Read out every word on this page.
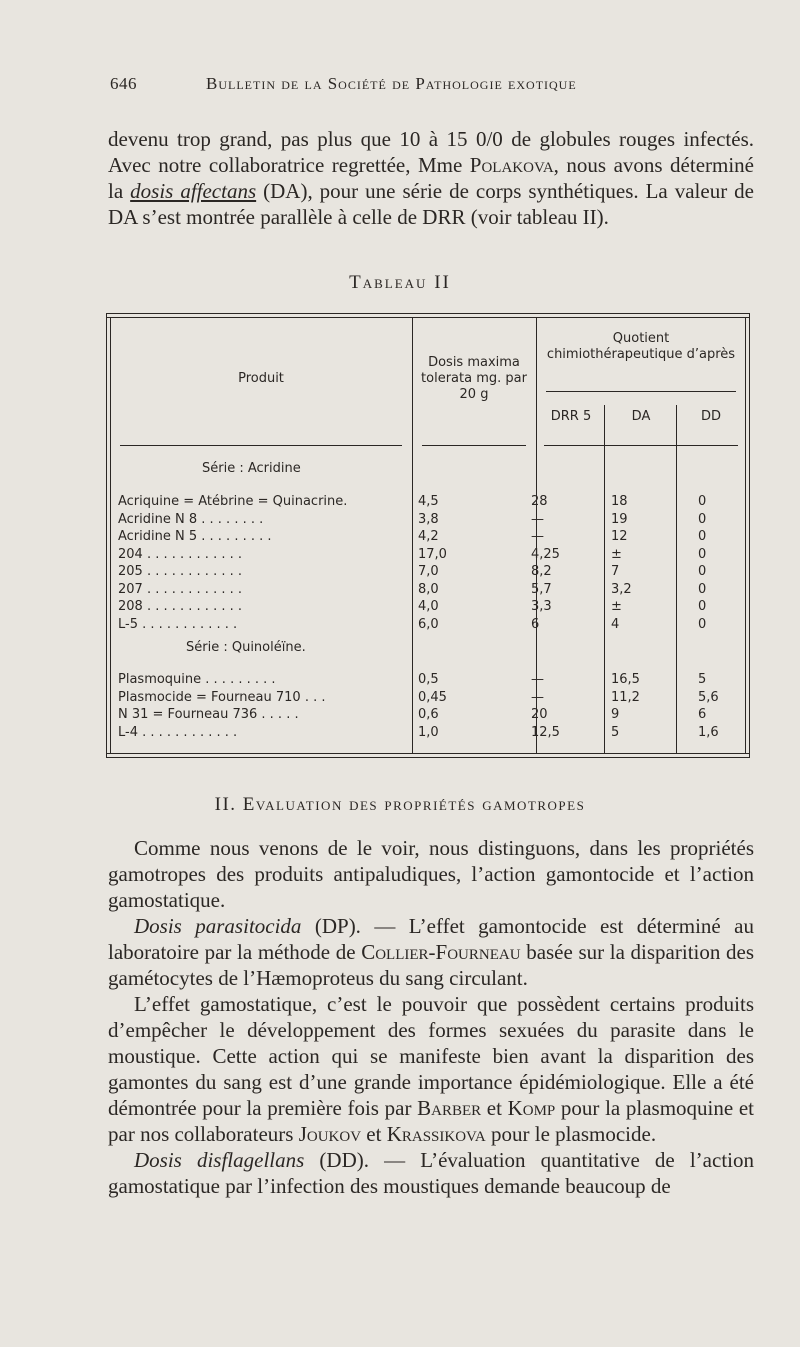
646	Bulletin de la Société de Pathologie exotique

devenu trop grand, pas plus que 10 à 15 0/0 de globules rouges infectés. Avec notre collaboratrice regrettée, Mme Polakova, nous avons déterminé la dosis affectans (DA), pour une série de corps synthétiques. La valeur de DA s’est montrée parallèle à celle de DRR (voir tableau II).

Tableau II
Produit
Dosis maxima tolerata mg. par 20 g
Quotient chimiothérapeutique d’après
DRR 5	DA	DD
Série : Acridine
Acriquine = Atébrine = Quinacrine.	4,5	28	18	0
Acridine N 8 . . . . . . . .	3,8	—	19	0
Acridine N 5 . . . . . . . . .	4,2	—	12	0
204 . . . . . . . . . . . .	17,0	4,25	±	0
205 . . . . . . . . . . . .	7,0	8,2	7	0
207 . . . . . . . . . . . .	8,0	5,7	3,2	0
208 . . . . . . . . . . . .	4,0	3,3	±	0
L-5 . . . . . . . . . . . .	6,0	6	4	0
Série : Quinoléïne.
Plasmoquine . . . . . . . . .	0,5	—	16,5	5
Plasmocide = Fourneau 710 . . .	0,45	—	11,2	5,6
N 31 = Fourneau 736 . . . . .	0,6	20	9	6
L-4 . . . . . . . . . . . .	1,0	12,5	5	1,6
II. Evaluation des propriétés gamotropes

Comme nous venons de le voir, nous distinguons, dans les propriétés gamotropes des produits antipaludiques, l’action gamontocide et l’action gamostatique.

Dosis parasitocida (DP). — L’effet gamontocide est déterminé au laboratoire par la méthode de Collier-Fourneau basée sur la disparition des gamétocytes de l’Hæmoproteus du sang circulant.

L’effet gamostatique, c’est le pouvoir que possèdent certains produits d’empêcher le développement des formes sexuées du parasite dans le moustique. Cette action qui se manifeste bien avant la disparition des gamontes du sang est d’une grande importance épidémiologique. Elle a été démontrée pour la première fois par Barber et Komp pour la plasmoquine et par nos collaborateurs Joukov et Krassikova pour le plasmocide.

Dosis disflagellans (DD). — L’évaluation quantitative de l’action gamostatique par l’infection des moustiques demande beaucoup de
